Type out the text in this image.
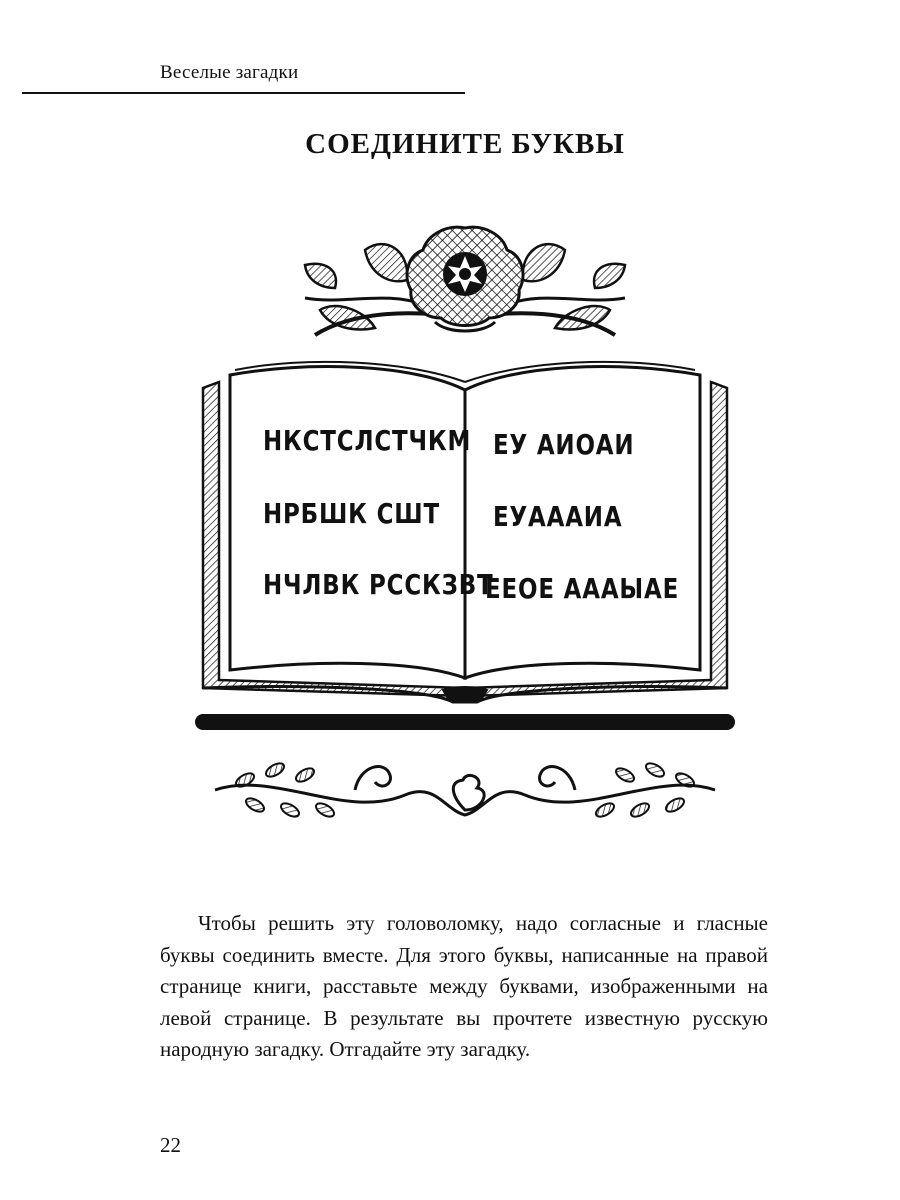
Веселые загадки
СОЕДИНИТЕ БУКВЫ
НКСТСЛСТЧКМ
НРБШК СШТ
НЧЛВК РССКЗВТ
ЕУ АИОАИ
ЕУАААИА
ЕЕОЕ АААЫАЕ

Чтобы решить эту головоломку, надо согласные и гласные буквы соединить вместе. Для этого буквы, написанные на правой странице книги, расставьте между буквами, изображенными на левой странице. В результате вы прочтете известную русскую народную загадку. Отгадайте эту загадку.

22
